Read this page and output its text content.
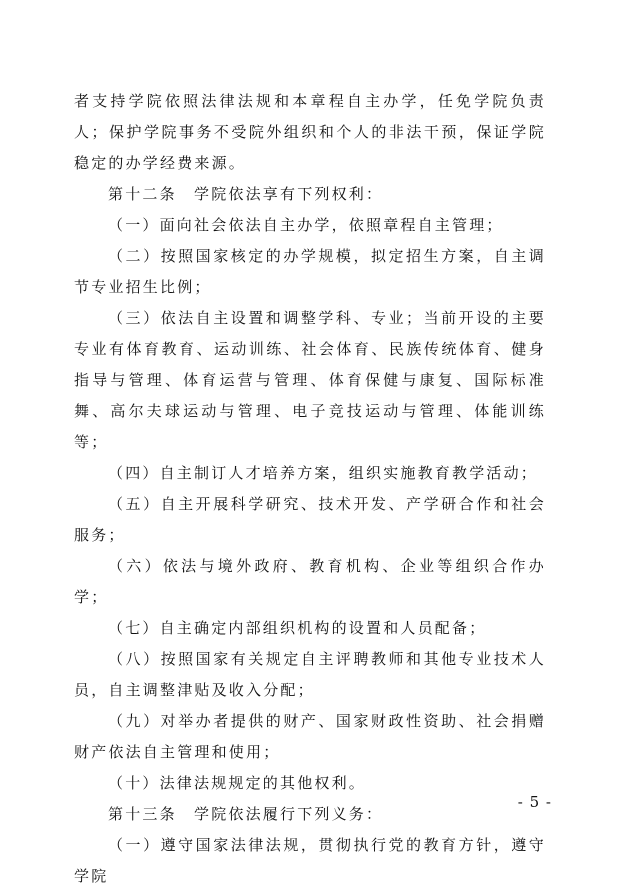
者支持学院依照法律法规和本章程自主办学，任免学院负责人；保护学院事务不受院外组织和个人的非法干预，保证学院稳定的办学经费来源。

第十二条　学院依法享有下列权利：

（一）面向社会依法自主办学，依照章程自主管理；

（二）按照国家核定的办学规模，拟定招生方案，自主调节专业招生比例；

（三）依法自主设置和调整学科、专业；当前开设的主要专业有体育教育、运动训练、社会体育、民族传统体育、健身指导与管理、体育运营与管理、体育保健与康复、国际标准舞、高尔夫球运动与管理、电子竞技运动与管理、体能训练等；

（四）自主制订人才培养方案，组织实施教育教学活动；

（五）自主开展科学研究、技术开发、产学研合作和社会服务；

（六）依法与境外政府、教育机构、企业等组织合作办学；

（七）自主确定内部组织机构的设置和人员配备；

（八）按照国家有关规定自主评聘教师和其他专业技术人员，自主调整津贴及收入分配；

（九）对举办者提供的财产、国家财政性资助、社会捐赠财产依法自主管理和使用；

（十）法律法规规定的其他权利。

第十三条　学院依法履行下列义务：

（一）遵守国家法律法规，贯彻执行党的教育方针，遵守学院

- 5 -
